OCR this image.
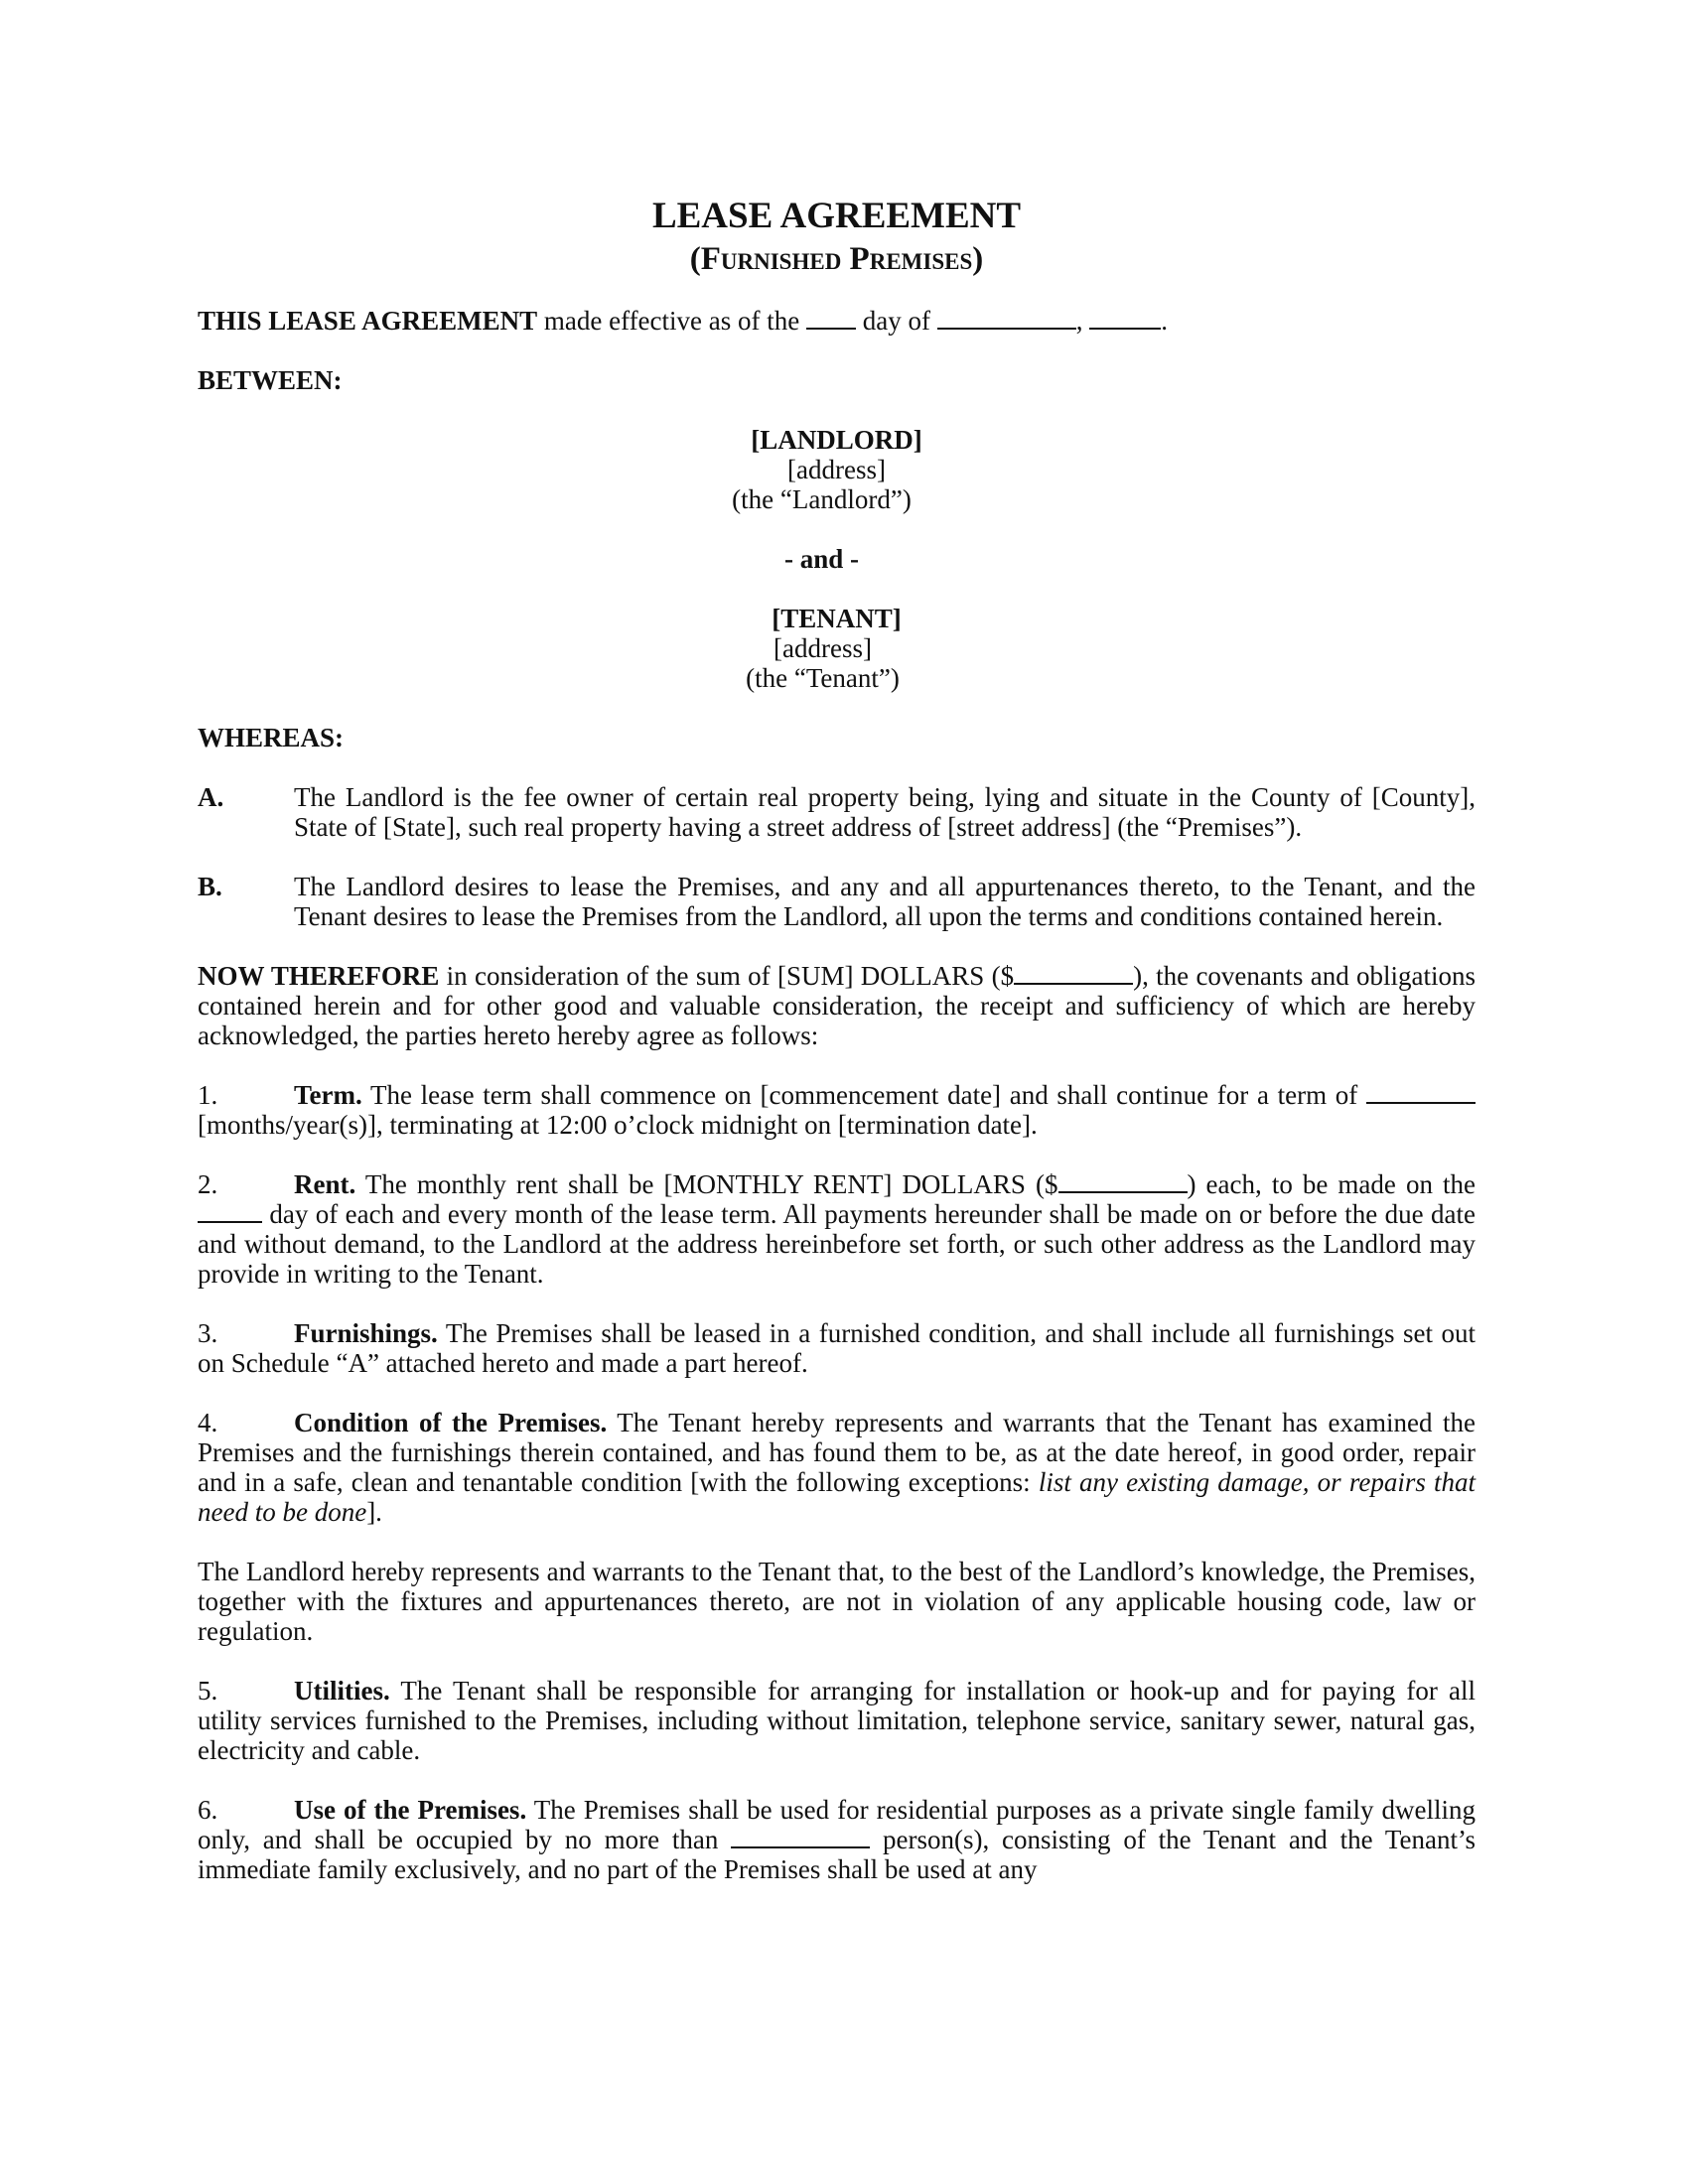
LEASE AGREEMENT
(Furnished Premises)

THIS LEASE AGREEMENT made effective as of the  day of	,	.

BETWEEN:

[LANDLORD]
[address]
(the “Landlord”)
- and -
[TENANT]
[address]
(the “Tenant”)

WHEREAS:

A.	The Landlord is the fee owner of certain real property being, lying and situate in the County of [County], State of [State], such real property having a street address of [street address] (the “Premises”).
B.	The Landlord desires to lease the Premises, and any and all appurtenances thereto, to the Tenant, and the Tenant desires to lease the Premises from the Landlord, all upon the terms and conditions contained herein.

NOW THEREFORE in consideration of the sum of [SUM] DOLLARS ($	), the covenants and obligations contained herein and for other good and valuable consideration, the receipt and sufficiency of which are hereby acknowledged, the parties hereto hereby agree as follows:

1.	Term. The lease term shall commence on [commencement date] and shall continue for a term of  [months/year(s)], terminating at 12:00 o’clock midnight on [termination date].

2.	Rent. The monthly rent shall be [MONTHLY RENT] DOLLARS ($	) each, to be made on the  day of each and every month of the lease term. All payments hereunder shall be made on or before the due date and without demand, to the Landlord at the address hereinbefore set forth, or such other address as the Landlord may provide in writing to the Tenant.

3.	Furnishings. The Premises shall be leased in a furnished condition, and shall include all furnishings set out on Schedule “A” attached hereto and made a part hereof.

4.	Condition of the Premises. The Tenant hereby represents and warrants that the Tenant has examined the Premises and the furnishings therein contained, and has found them to be, as at the date hereof, in good order, repair and in a safe, clean and tenantable condition [with the following exceptions: list any existing damage, or repairs that need to be done].

The Landlord hereby represents and warrants to the Tenant that, to the best of the Landlord’s knowledge, the Premises, together with the fixtures and appurtenances thereto, are not in violation of any applicable housing code, law or regulation.

5.	Utilities. The Tenant shall be responsible for arranging for installation or hook-up and for paying for all utility services furnished to the Premises, including without limitation, telephone service, sanitary sewer, natural gas, electricity and cable.

6.	Use of the Premises. The Premises shall be used for residential purposes as a private single family dwelling only, and shall be occupied by no more than	person(s), consisting of the Tenant and the Tenant’s immediate family exclusively, and no part of the Premises shall be used at any
